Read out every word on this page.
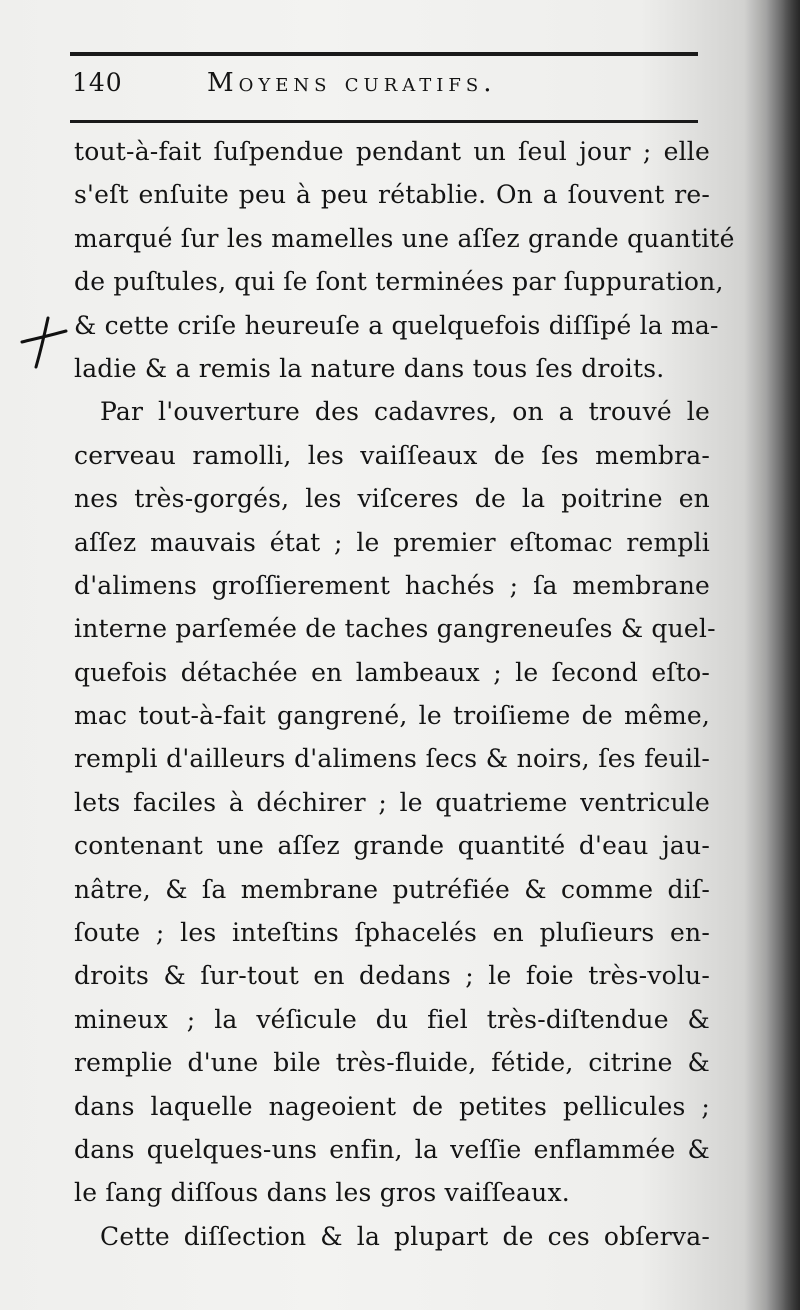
140	Moyens curatifs.
tout-à-fait ſuſpendue pendant un ſeul jour ; elle
s'eſt enſuite peu à peu rétablie. On a ſouvent re-
marqué ſur les mamelles une aſſez grande quantité
de puſtules, qui ſe ſont terminées par ſuppuration,
& cette criſe heureuſe a quelquefois diſſipé la ma-
ladie & a remis la nature dans tous ſes droits.
Par l'ouverture des cadavres, on a trouvé le
cerveau ramolli, les vaiſſeaux de ſes membra-
nes très-gorgés, les viſceres de la poitrine en
aſſez mauvais état ; le premier eſtomac rempli
d'alimens groſſierement hachés ; ſa membrane
interne parſemée de taches gangreneuſes & quel-
quefois détachée en lambeaux ; le ſecond eſto-
mac tout-à-fait gangrené, le troiſieme de même,
rempli d'ailleurs d'alimens ſecs & noirs, ſes feuil-
lets faciles à déchirer ; le quatrieme ventricule
contenant une aſſez grande quantité d'eau jau-
nâtre, & ſa membrane putréfiée & comme diſ-
ſoute ; les inteſtins ſphacelés en pluſieurs en-
droits & ſur-tout en dedans ; le foie très-volu-
mineux ; la véſicule du fiel très-diſtendue &
remplie d'une bile très-fluide, fétide, citrine &
dans laquelle nageoient de petites pellicules ;
dans quelques-uns enfin, la veſſie enflammée &
le ſang diſſous dans les gros vaiſſeaux.
Cette diſſection & la plupart de ces obſerva-
